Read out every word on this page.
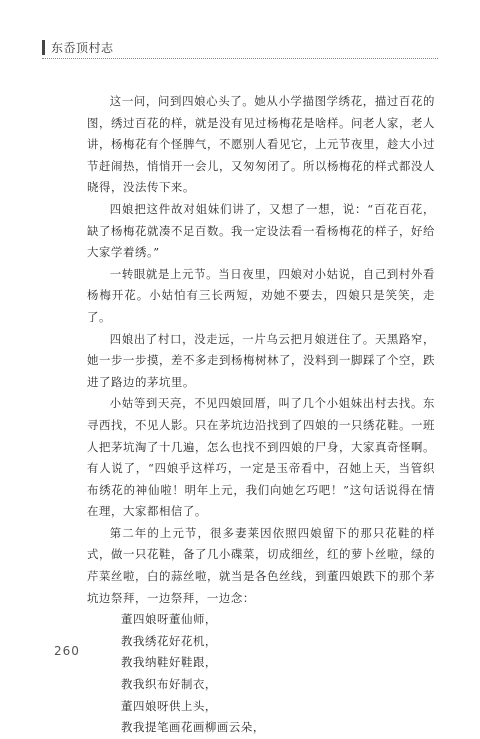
东岙顶村志

这一问，问到四娘心头了。她从小学描图学绣花，描过百花的图，绣过百花的样，就是没有见过杨梅花是啥样。问老人家，老人讲，杨梅花有个怪脾气，不愿别人看见它，上元节夜里，趁大小过节赶闹热，悄悄开一会儿，又匆匆闭了。所以杨梅花的样式都没人晓得，没法传下来。

四娘把这件故对姐妹们讲了，又想了一想，说：“百花百花，缺了杨梅花就凑不足百数。我一定设法看一看杨梅花的样子，好给大家学着绣。”

一转眼就是上元节。当日夜里，四娘对小姑说，自己到村外看杨梅开花。小姑怕有三长两短，劝她不要去，四娘只是笑笑，走了。

四娘出了村口，没走远，一片乌云把月娘迸住了。天黑路窄，她一步一步摸，差不多走到杨梅树林了，没料到一脚踩了个空，跌进了路边的茅坑里。

小姑等到天亮，不见四娘回厝，叫了几个小姐妹出村去找。东寻西找，不见人影。只在茅坑边沿找到了四娘的一只绣花鞋。一班人把茅坑淘了十几遍，怎么也找不到四娘的尸身，大家真奇怪啊。有人说了，“四娘乎这样巧，一定是玉帝看中，召她上天，当管织布绣花的神仙啦！明年上元，我们向她乞巧吧！”这句话说得在情在理，大家都相信了。

第二年的上元节，很多妻莱因依照四娘留下的那只花鞋的样式，做一只花鞋，备了几小碟菜，切成细丝，红的萝卜丝啦，绿的芹菜丝啦，白的蒜丝啦，就当是各色丝线，到董四娘跌下的那个茅坑边祭拜，一边祭拜，一边念：

董四娘呀董仙师，

教我绣花好花机，

教我纳鞋好鞋跟，

教我织布好制衣，

董四娘呀供上头，

教我提笔画花画柳画云朵，

260
